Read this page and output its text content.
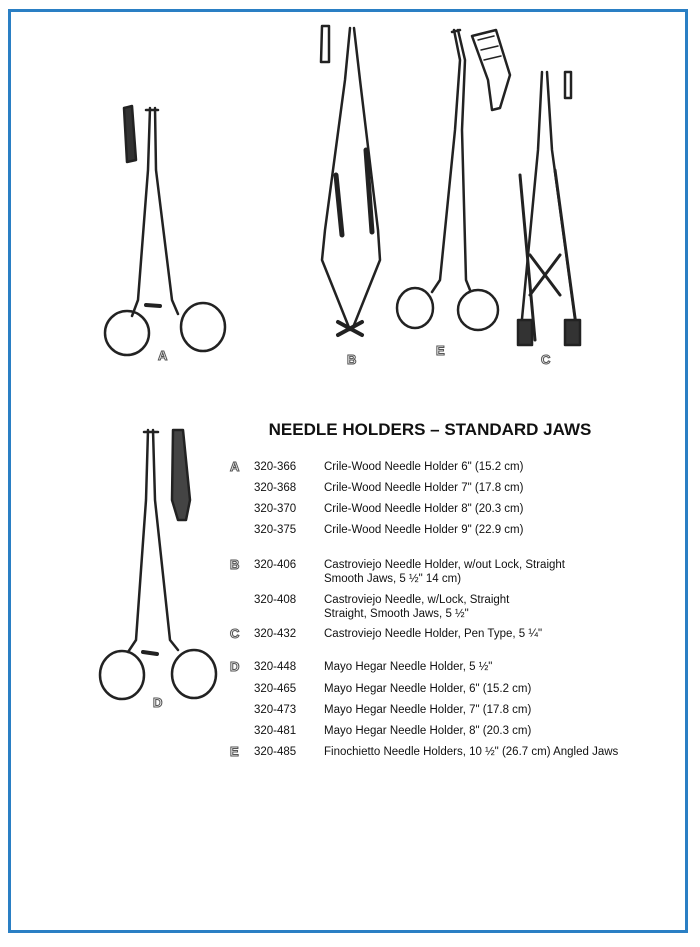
A	B
E
C
D
NEEDLE HOLDERS – STANDARD JAWS
A	320-366	Crile-Wood Needle Holder 6" (15.2 cm)
320-368	Crile-Wood Needle Holder 7" (17.8 cm)
320-370	Crile-Wood Needle Holder 8" (20.3 cm)
320-375	Crile-Wood Needle Holder 9" (22.9 cm)
B	320-406	Castroviejo Needle Holder, w/out Lock, Straight
Smooth Jaws, 5 ½" 14 cm)
320-408	Castroviejo Needle, w/Lock, Straight
Straight, Smooth Jaws, 5 ½"
C	320-432	Castroviejo Needle Holder, Pen Type, 5 ¼"
D	320-448	Mayo Hegar Needle Holder, 5 ½"
320-465	Mayo Hegar Needle Holder, 6" (15.2 cm)
320-473	Mayo Hegar Needle Holder, 7" (17.8 cm)
320-481	Mayo Hegar Needle Holder, 8" (20.3 cm)
E	320-485	Finochietto Needle Holders, 10 ½" (26.7 cm) Angled Jaws
